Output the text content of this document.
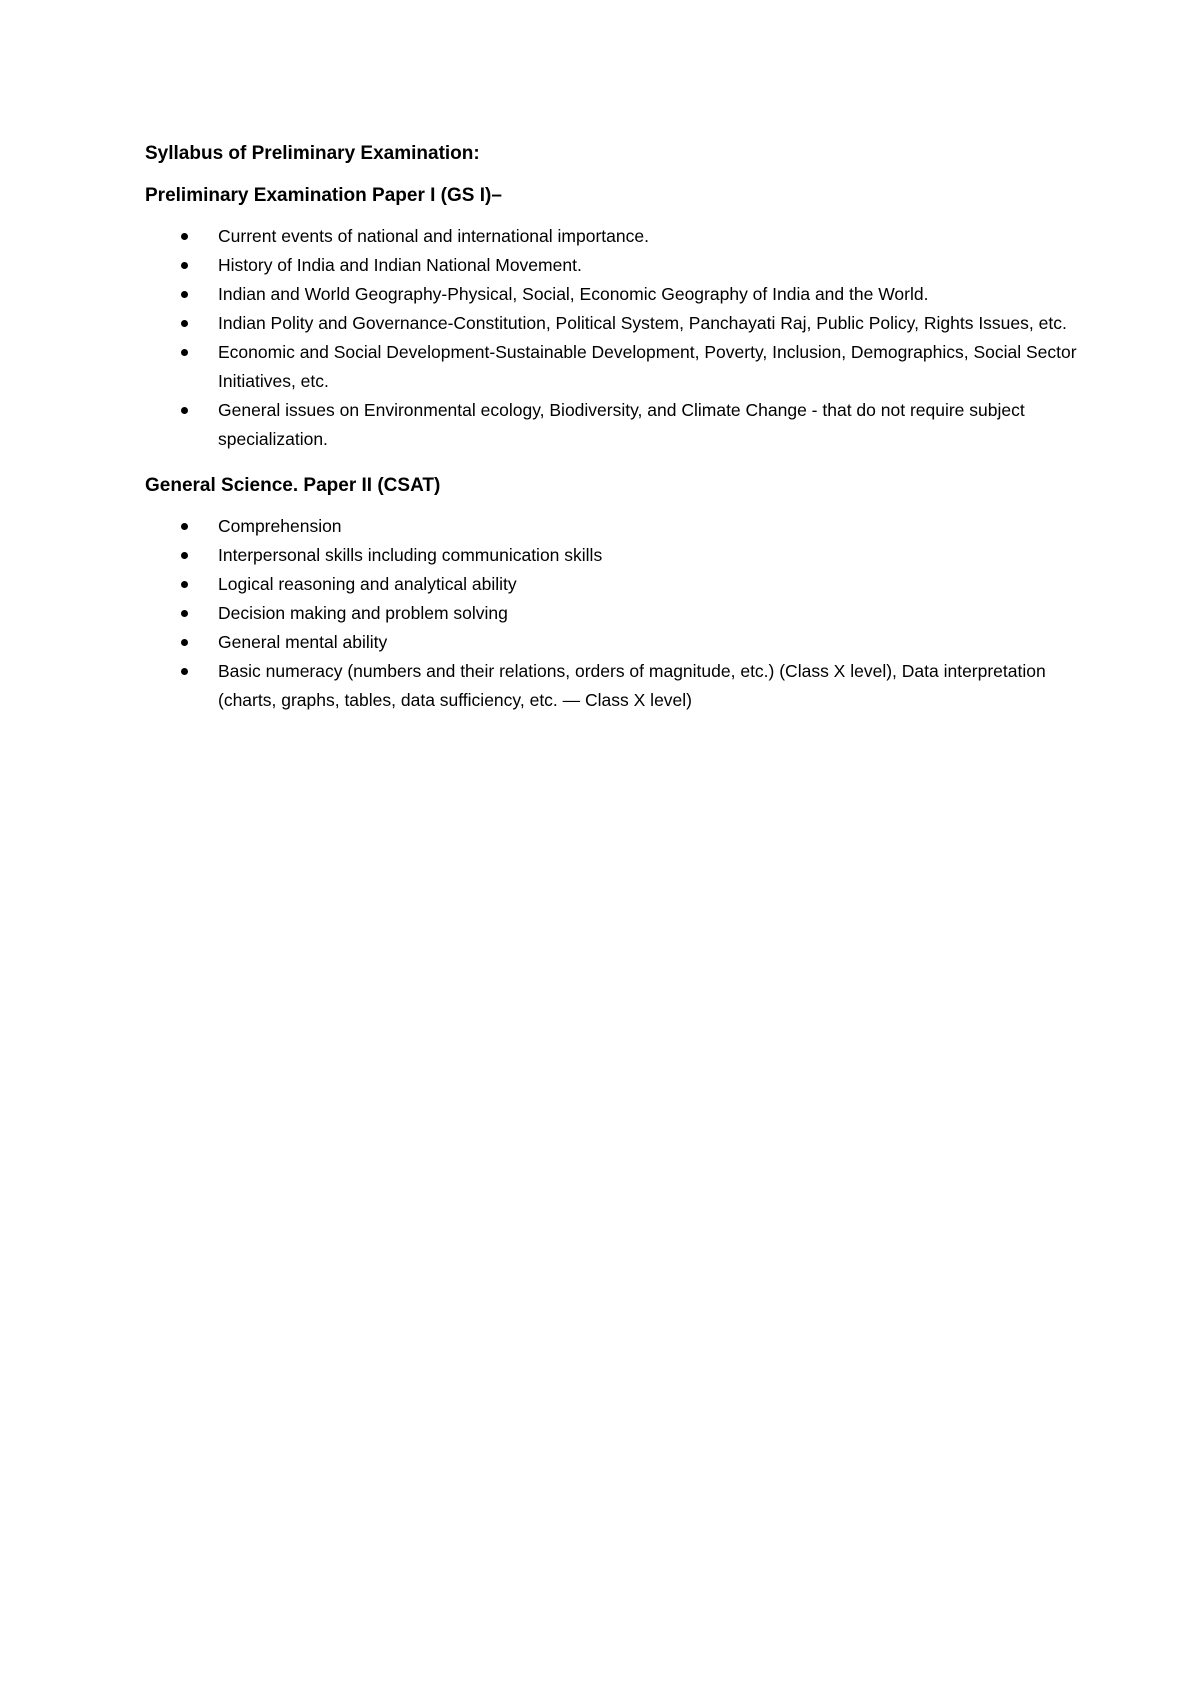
Syllabus of Preliminary Examination:
Preliminary Examination Paper I (GS I)–
Current events of national and international importance.
History of India and Indian National Movement.
Indian and World Geography-Physical, Social, Economic Geography of India and the World.
Indian Polity and Governance-Constitution, Political System, Panchayati Raj, Public Policy, Rights Issues, etc.
Economic and Social Development-Sustainable Development, Poverty, Inclusion, Demographics, Social Sector Initiatives, etc.
General issues on Environmental ecology, Biodiversity, and Climate Change - that do not require subject specialization.
General Science. Paper II (CSAT)
Comprehension
Interpersonal skills including communication skills
Logical reasoning and analytical ability
Decision making and problem solving
General mental ability
Basic numeracy (numbers and their relations, orders of magnitude, etc.) (Class X level), Data interpretation (charts, graphs, tables, data sufficiency, etc. — Class X level)
